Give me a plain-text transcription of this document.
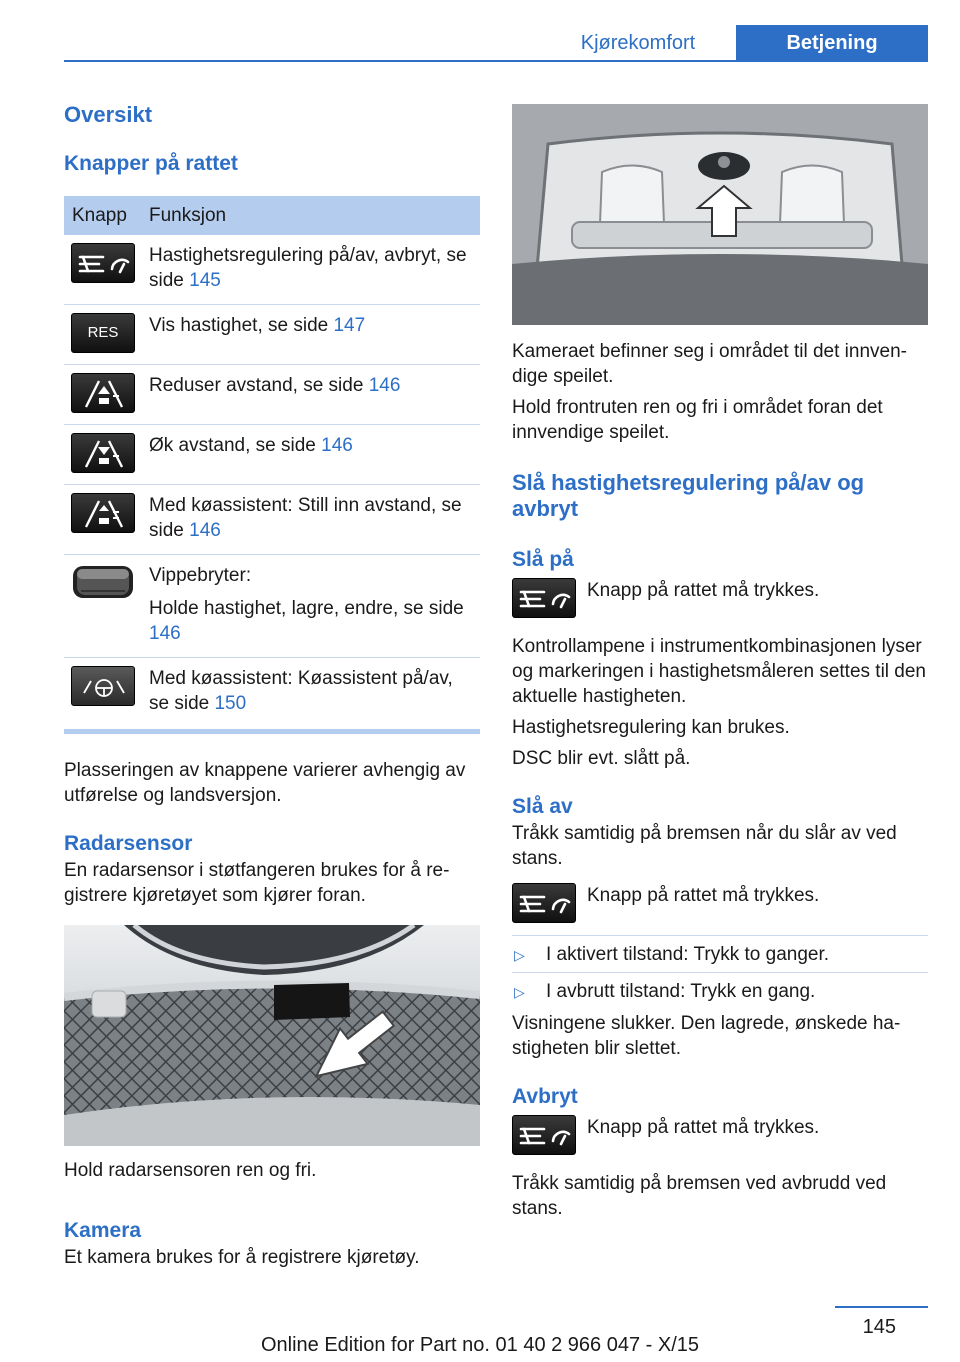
Kjørekomfort	Betjening
Oversikt
Knapper på rattet
Knapp	Funksjon

	Hastighetsregulering på/av, avbryt, se side 145

RES	Vis hastighet, se side 147

	Reduser avstand, se side 146

	Øk avstand, se side 146

	Med køassistent: Still inn avstand, se side 146

Vippebryter:
Holde hastighet, lagre, endre, se side 146

	Med køassistent: Køassistent på/av, se side 150
Plasseringen av knappene varierer avhengig av utførelse og landsversjon.
Radarsensor
En radarsensor i støtfangeren brukes for å registrere kjøretøyet som kjører foran.
Hold radarsensoren ren og fri.
Kamera
Et kamera brukes for å registrere kjøretøy.
Kameraet befinner seg i området til det innvendige speilet.
Hold frontruten ren og fri i området foran det innvendige speilet.
Slå hastighetsregulering på/av og avbryt
Slå på
Knapp på rattet må trykkes.
Kontrollampene i instrumentkombinasjonen lyser og markeringen i hastighetsmåleren settes til den aktuelle hastigheten.
Hastighetsregulering kan brukes.
DSC blir evt. slått på.
Slå av
Tråkk samtidig på bremsen når du slår av ved stans.
Knapp på rattet må trykkes.
▷ I aktivert tilstand: Trykk to ganger.
▷ I avbrutt tilstand: Trykk en gang.
Visningene slukker. Den lagrede, ønskede hastigheten blir slettet.
Avbryt
Knapp på rattet må trykkes.
Tråkk samtidig på bremsen ved avbrudd ved stans.
145
Online Edition for Part no. 01 40 2 966 047 - X/15
